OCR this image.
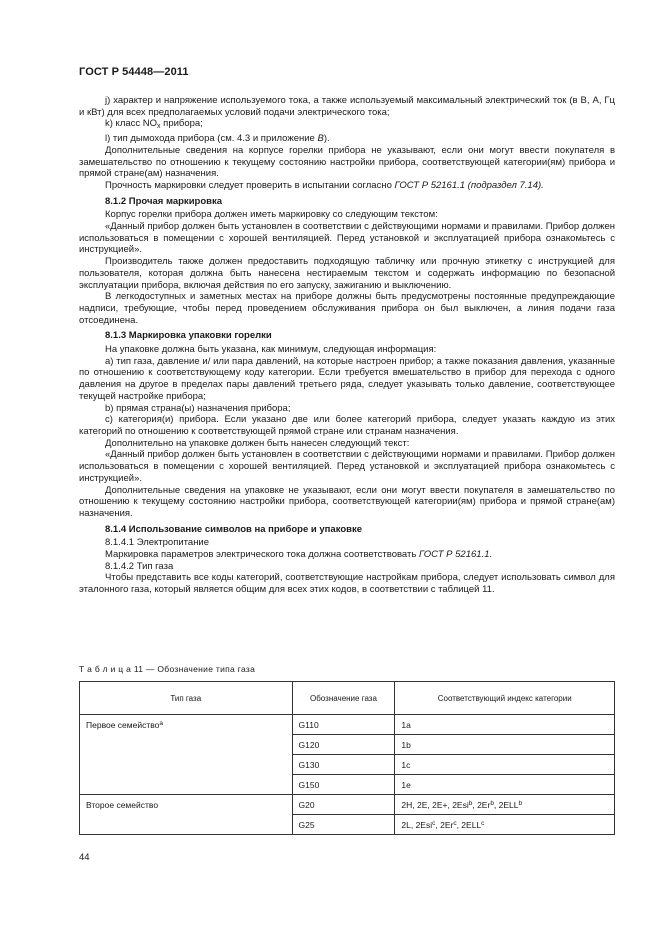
ГОСТ Р 54448—2011

j) характер и напряжение используемого тока, а также используемый максимальный электрический ток (в В, А, Гц и кВт) для всех предполагаемых условий подачи электрического тока;

k) класс $NO_x$ прибора;

l) тип дымохода прибора (см. 4.3 и приложение B).

Дополнительные сведения на корпусе горелки прибора не указывают, если они могут ввести покупателя в замешательство по отношению к текущему состоянию настройки прибора, соответствующей категории(ям) прибора и прямой стране(ам) назначения.

Прочность маркировки следует проверить в испытании согласно ГОСТ Р 52161.1 (подраздел 7.14).

8.1.2 Прочая маркировка

Корпус горелки прибора должен иметь маркировку со следующим текстом:

«Данный прибор должен быть установлен в соответствии с действующими нормами и правилами. Прибор должен использоваться в помещении с хорошей вентиляцией. Перед установкой и эксплуатацией прибора ознакомьтесь с инструкцией».

Производитель также должен предоставить подходящую табличку или прочную этикетку с инструкцией для пользователя, которая должна быть нанесена нестираемым текстом и содержать информацию по безопасной эксплуатации прибора, включая действия по его запуску, зажиганию и выключению.

В легкодоступных и заметных местах на приборе должны быть предусмотрены постоянные предупреждающие надписи, требующие, чтобы перед проведением обслуживания прибора он был выключен, а линия подачи газа отсоединена.

8.1.3 Маркировка упаковки горелки

На упаковке должна быть указана, как минимум, следующая информация:

a) тип газа, давление и/ или пара давлений, на которые настроен прибор; а также показания давления, указанные по отношению к соответствующему коду категории. Если требуется вмешательство в прибор для перехода с одного давления на другое в пределах пары давлений третьего ряда, следует указывать только давление, соответствующее текущей настройке прибора;

b) прямая страна(ы) назначения прибора;

c) категория(и) прибора. Если указано две или более категорий прибора, следует указать каждую из этих категорий по отношению к соответствующей прямой стране или странам назначения.

Дополнительно на упаковке должен быть нанесен следующий текст:

«Данный прибор должен быть установлен в соответствии с действующими нормами и правилами. Прибор должен использоваться в помещении с хорошей вентиляцией. Перед установкой и эксплуатацией прибора ознакомьтесь с инструкцией».

Дополнительные сведения на упаковке не указывают, если они могут ввести покупателя в замешательство по отношению к текущему состоянию настройки прибора, соответствующей категории(ям) прибора и прямой стране(ам) назначения.

8.1.4 Использование символов на приборе и упаковке

8.1.4.1 Электропитание

Маркировка параметров электрического тока должна соответствовать ГОСТ Р 52161.1.

8.1.4.2 Тип газа

Чтобы представить все коды категорий, соответствующие настройкам прибора, следует использовать символ для эталонного газа, который является общим для всех этих кодов, в соответствии с таблицей 11.

Т а б л и ц а 11 — Обозначение типа газа
Тип газа	Обозначение газа	Соответствующий индекс категории
Первое семейство$^a$	G110	1a
	G120	1b
	G130	1c
	G150	1e
Второе семейство	G20	2H, 2E, 2E+, 2Esi$^b$, 2Er$^b$, 2ELL$^b$
	G25	2L, 2Esi$^c$, 2Er$^c$, 2ELL$^c$
44
